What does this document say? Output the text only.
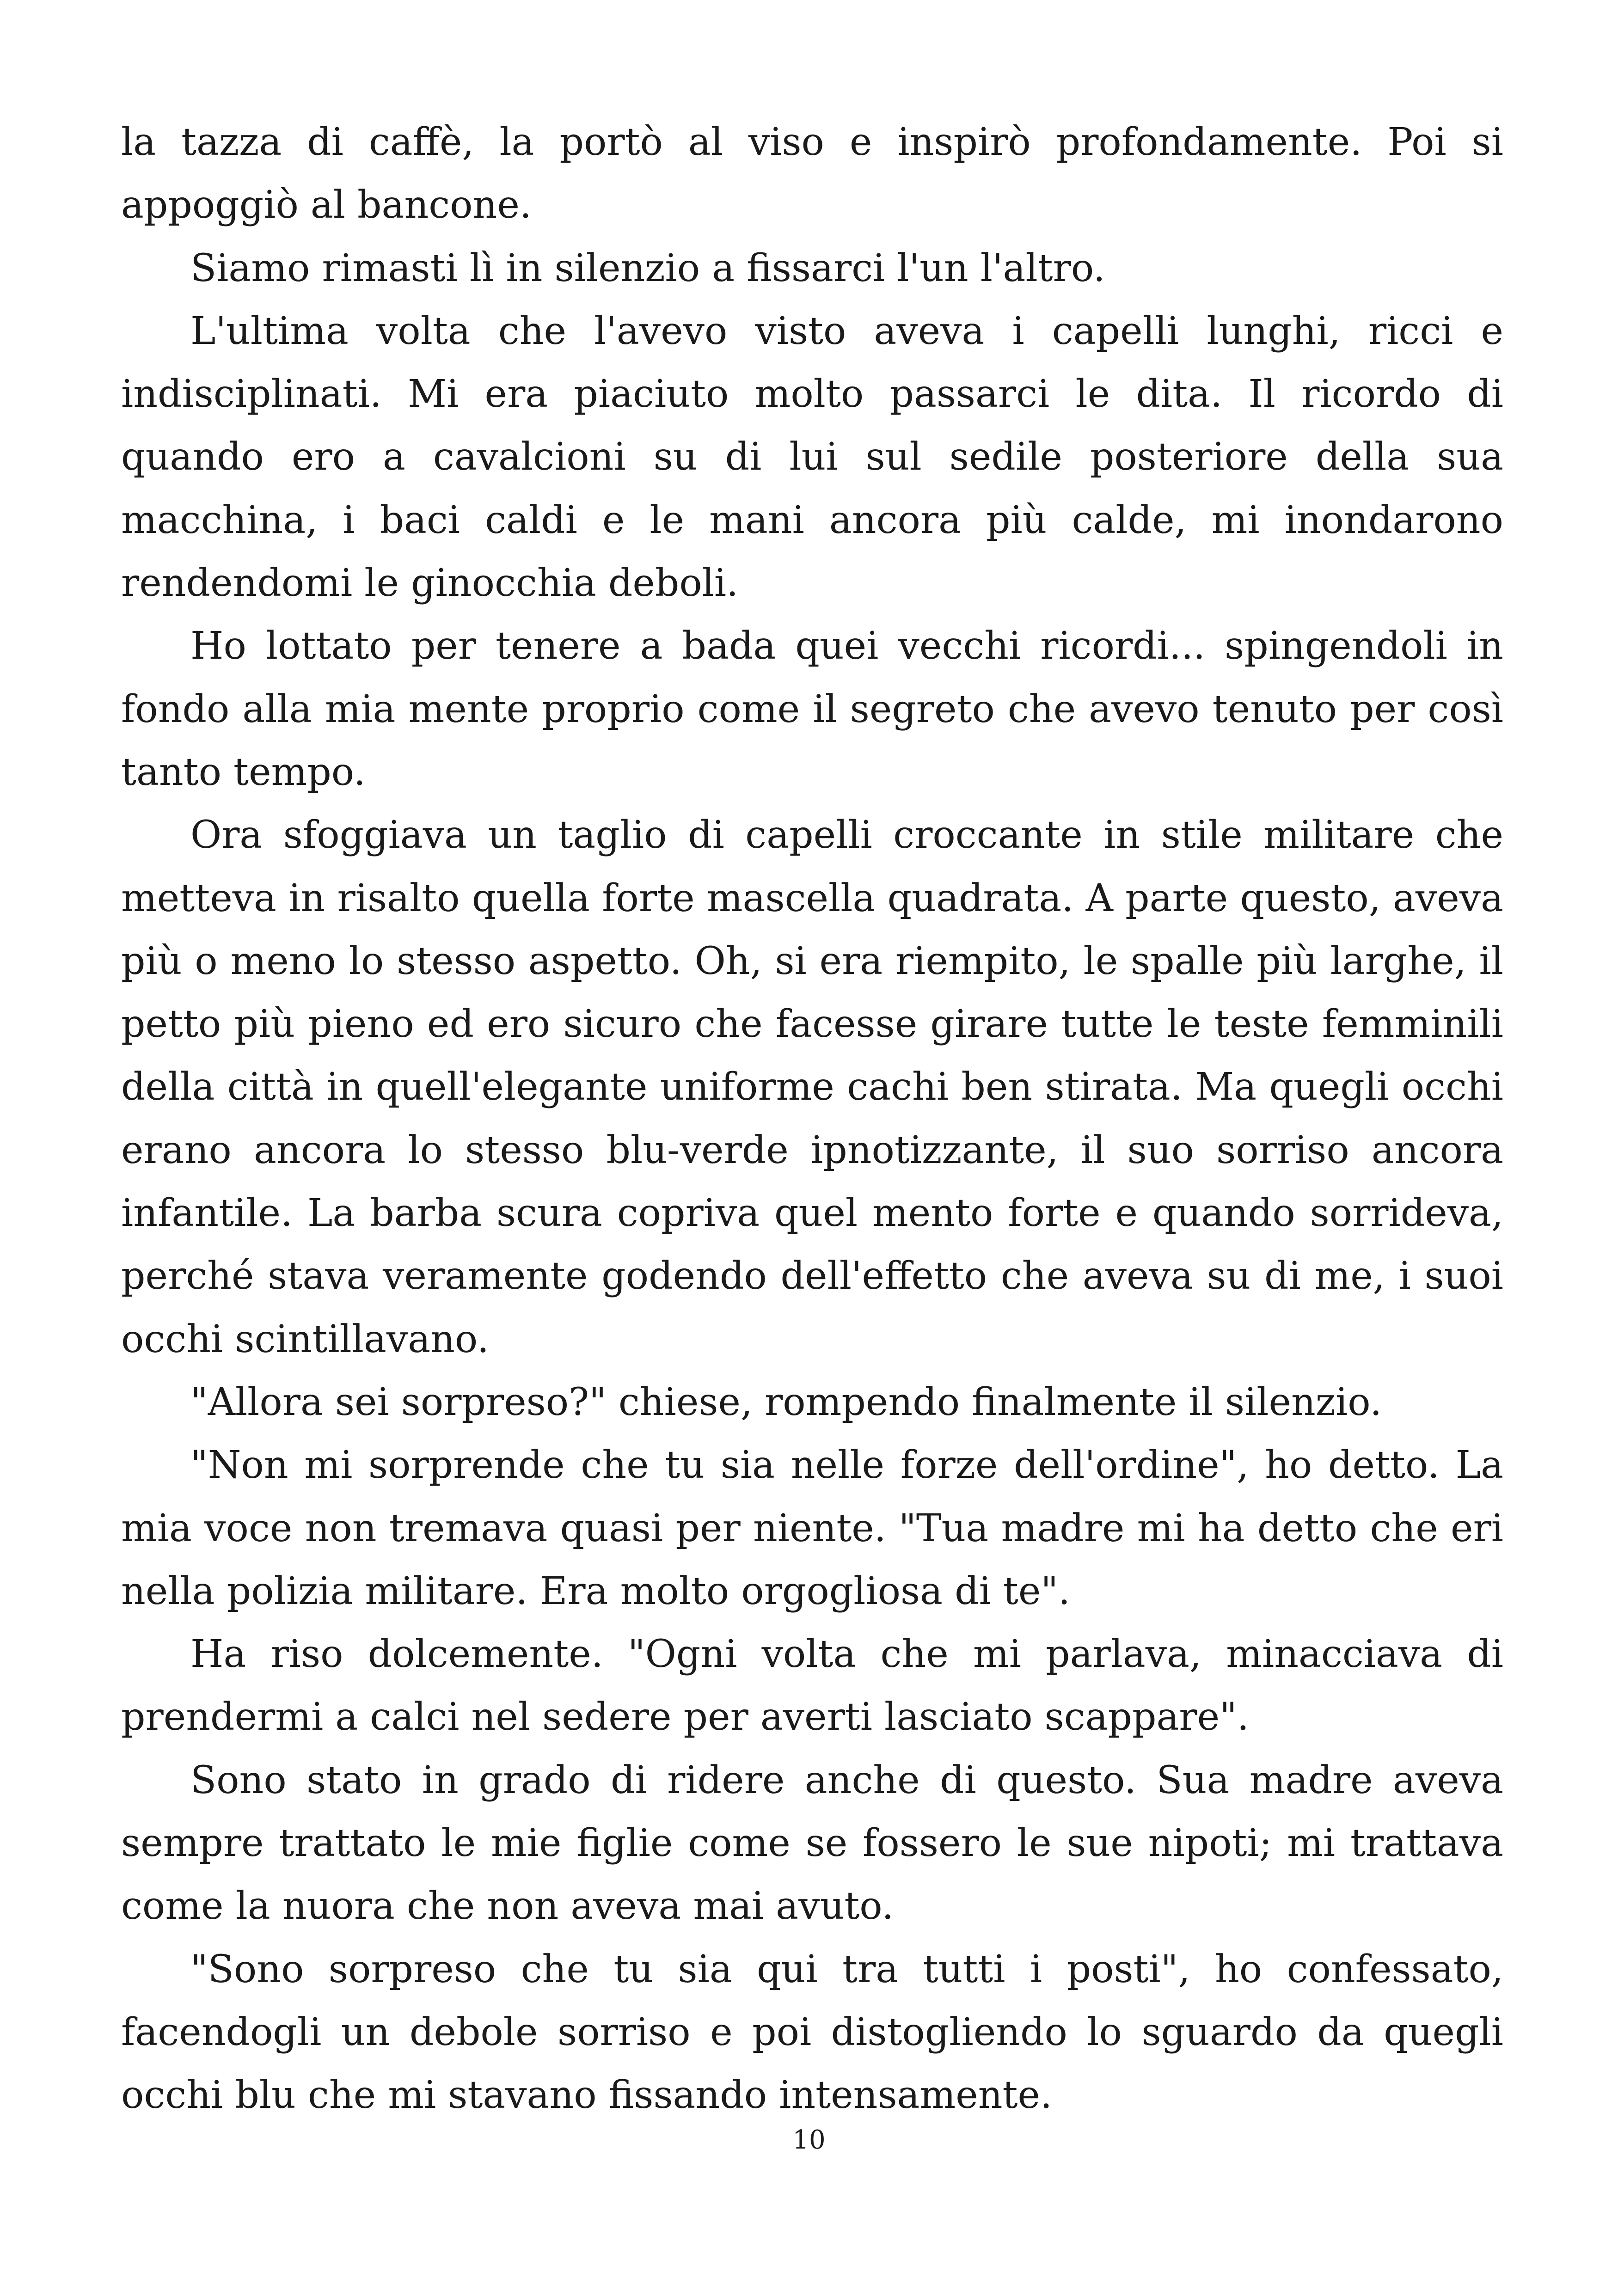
la tazza di caffè, la portò al viso e inspirò profondamente. Poi si appoggiò al bancone.

Siamo rimasti lì in silenzio a fissarci l'un l'altro.

L'ultima volta che l'avevo visto aveva i capelli lunghi, ricci e indisciplinati. Mi era piaciuto molto passarci le dita. Il ricordo di quando ero a cavalcioni su di lui sul sedile posteriore della sua macchina, i baci caldi e le mani ancora più calde, mi inondarono rendendomi le ginocchia deboli.

Ho lottato per tenere a bada quei vecchi ricordi... spingendoli in fondo alla mia mente proprio come il segreto che avevo tenuto per così tanto tempo.

Ora sfoggiava un taglio di capelli croccante in stile militare che metteva in risalto quella forte mascella quadrata. A parte questo, aveva più o meno lo stesso aspetto. Oh, si era riempito, le spalle più larghe, il petto più pieno ed ero sicuro che facesse girare tutte le teste femminili della città in quell'elegante uniforme cachi ben stirata. Ma quegli occhi erano ancora lo stesso blu-verde ipnotizzante, il suo sorriso ancora infantile. La barba scura copriva quel mento forte e quando sorrideva, perché stava veramente godendo dell'effetto che aveva su di me, i suoi occhi scintillavano.

"Allora sei sorpreso?" chiese, rompendo finalmente il silenzio.

"Non mi sorprende che tu sia nelle forze dell'ordine", ho detto. La mia voce non tremava quasi per niente. "Tua madre mi ha detto che eri nella polizia militare. Era molto orgogliosa di te".

Ha riso dolcemente. "Ogni volta che mi parlava, minacciava di prendermi a calci nel sedere per averti lasciato scappare".

Sono stato in grado di ridere anche di questo. Sua madre aveva sempre trattato le mie figlie come se fossero le sue nipoti; mi trattava come la nuora che non aveva mai avuto.

"Sono sorpreso che tu sia qui tra tutti i posti", ho confessato, facendogli un debole sorriso e poi distogliendo lo sguardo da quegli occhi blu che mi stavano fissando intensamente.

10
